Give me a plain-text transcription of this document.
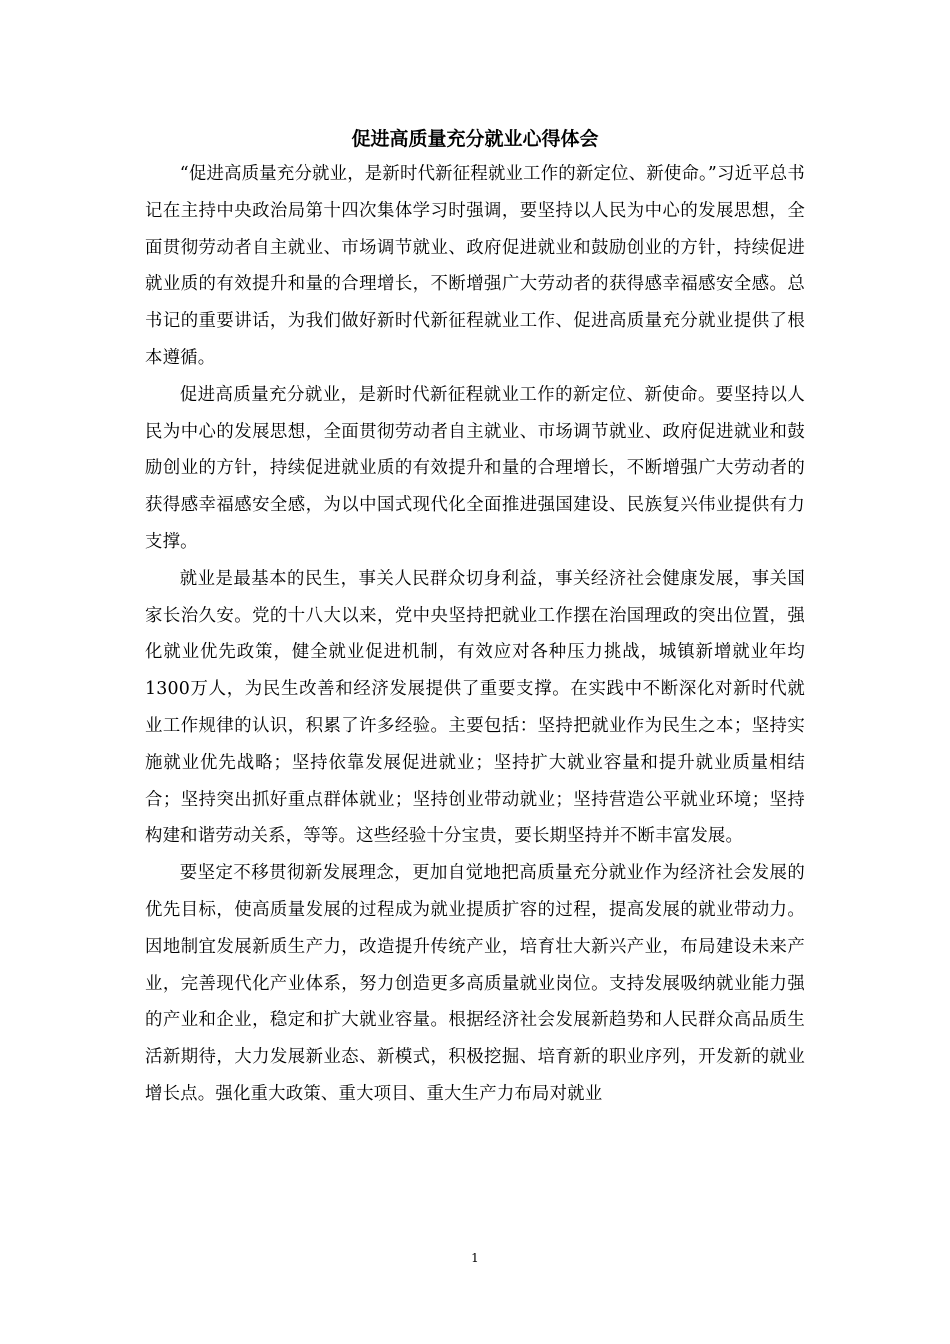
促进高质量充分就业心得体会

“促进高质量充分就业，是新时代新征程就业工作的新定位、新使命。”习近平总书记在主持中央政治局第十四次集体学习时强调，要坚持以人民为中心的发展思想，全面贯彻劳动者自主就业、市场调节就业、政府促进就业和鼓励创业的方针，持续促进就业质的有效提升和量的合理增长，不断增强广大劳动者的获得感幸福感安全感。总书记的重要讲话，为我们做好新时代新征程就业工作、促进高质量充分就业提供了根本遵循。

促进高质量充分就业，是新时代新征程就业工作的新定位、新使命。要坚持以人民为中心的发展思想，全面贯彻劳动者自主就业、市场调节就业、政府促进就业和鼓励创业的方针，持续促进就业质的有效提升和量的合理增长，不断增强广大劳动者的获得感幸福感安全感，为以中国式现代化全面推进强国建设、民族复兴伟业提供有力支撑。

就业是最基本的民生，事关人民群众切身利益，事关经济社会健康发展，事关国家长治久安。党的十八大以来，党中央坚持把就业工作摆在治国理政的突出位置，强化就业优先政策，健全就业促进机制，有效应对各种压力挑战，城镇新增就业年均1300万人，为民生改善和经济发展提供了重要支撑。在实践中不断深化对新时代就业工作规律的认识，积累了许多经验。主要包括：坚持把就业作为民生之本；坚持实施就业优先战略；坚持依靠发展促进就业；坚持扩大就业容量和提升就业质量相结合；坚持突出抓好重点群体就业；坚持创业带动就业；坚持营造公平就业环境；坚持构建和谐劳动关系，等等。这些经验十分宝贵，要长期坚持并不断丰富发展。

要坚定不移贯彻新发展理念，更加自觉地把高质量充分就业作为经济社会发展的优先目标，使高质量发展的过程成为就业提质扩容的过程，提高发展的就业带动力。因地制宜发展新质生产力，改造提升传统产业，培育壮大新兴产业，布局建设未来产业，完善现代化产业体系，努力创造更多高质量就业岗位。支持发展吸纳就业能力强的产业和企业，稳定和扩大就业容量。根据经济社会发展新趋势和人民群众高品质生活新期待，大力发展新业态、新模式，积极挖掘、培育新的职业序列，开发新的就业增长点。强化重大政策、重大项目、重大生产力布局对就业

1
